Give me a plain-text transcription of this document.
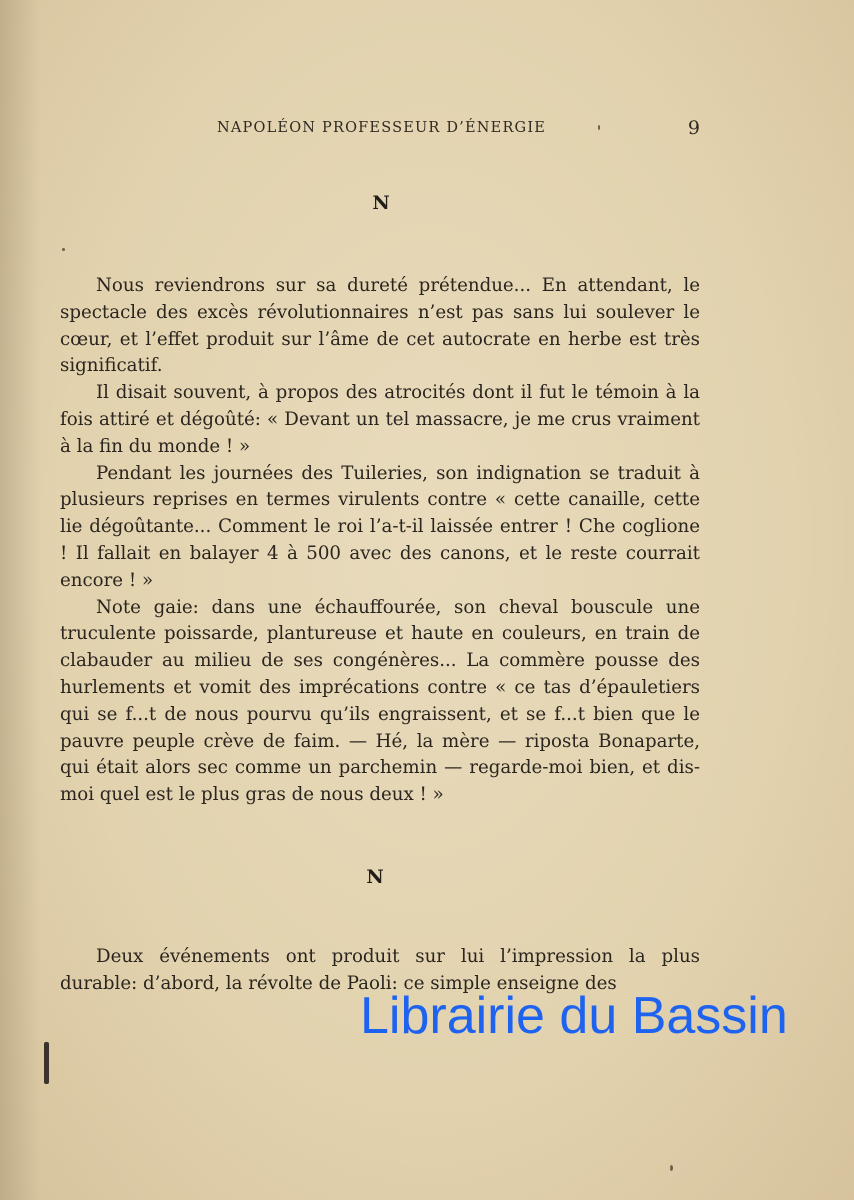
NAPOLÉON PROFESSEUR D’ÉNERGIE	9
N

Nous reviendrons sur sa dureté prétendue... En attendant, le spectacle des excès révolutionnaires n’est pas sans lui soulever le cœur, et l’effet produit sur l’âme de cet autocrate en herbe est très significatif.

Il disait souvent, à propos des atrocités dont il fut le témoin à la fois attiré et dégoûté: « Devant un tel massacre, je me crus vraiment à la fin du monde ! »

Pendant les journées des Tuileries, son indignation se traduit à plusieurs reprises en termes virulents contre « cette canaille, cette lie dégoûtante... Comment le roi l’a-t-il laissée entrer ! Che coglione ! Il fallait en balayer 4 à 500 avec des canons, et le reste courrait encore ! »

Note gaie: dans une échauffourée, son cheval bouscule une truculente poissarde, plantureuse et haute en couleurs, en train de clabauder au milieu de ses congénères... La commère pousse des hurlements et vomit des imprécations contre « ce tas d’épauletiers qui se f...t de nous pourvu qu’ils engraissent, et se f...t bien que le pauvre peuple crève de faim. — Hé, la mère — riposta Bonaparte, qui était alors sec comme un parchemin — regarde-moi bien, et dis-moi quel est le plus gras de nous deux ! »

N

Deux événements ont produit sur lui l’impression la plus durable: d’abord, la révolte de Paoli: ce simple enseigne des

Librairie du Bassin
